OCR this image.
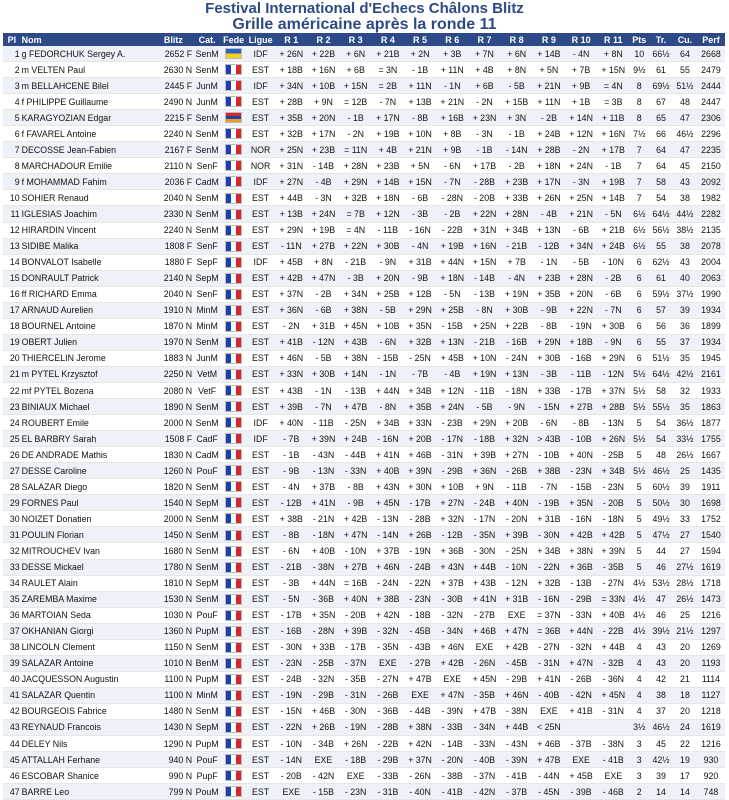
Festival International d'Echecs Châlons Blitz
Grille américaine après la ronde 11
Pl	Nom	Blitz	Cat.	Fede	Ligue	R 1	R 2	R 3	R 4	R 5	R 6	R 7	R 8	R 9	R 10	R 11	Pts	Tr.	Cu.	Perf
1	g FEDORCHUK Sergey A.	2652 F	SenM		IDF	+ 26N	+ 22B	+ 6N	+ 21B	+ 2N	+ 3B	+ 7N	+ 6N	+ 14B	- 4N	+ 8N	10	66½	64	2668
2	m VELTEN Paul	2630 N	SenM		EST	+ 18B	+ 16N	+ 6B	= 3N	- 1B	+ 11N	+ 4B	+ 8N	+ 5N	+ 7B	+ 15N	9½	61	55	2479
3	m BELLAHCENE Bilel	2445 F	JunM		IDF	+ 34N	+ 10B	+ 15N	= 2B	+ 11N	- 1N	+ 6B	- 5B	+ 21N	+ 9B	= 4N	8	69½	51½	2444
4	f PHILIPPE Guillaume	2490 N	JunM		EST	+ 28B	+ 9N	= 12B	- 7N	+ 13B	+ 21N	- 2N	+ 15B	+ 11N	+ 1B	= 3B	8	67	48	2447
5	KARAGYOZIAN Edgar	2215 F	SenM		EST	+ 35B	+ 20N	- 1B	+ 17N	- 8B	+ 16B	+ 23N	+ 3N	- 2B	+ 14N	+ 11B	8	65	47	2306
6	f FAVAREL Antoine	2240 N	SenM		EST	+ 32B	+ 17N	- 2N	+ 19B	+ 10N	+ 8B	- 3N	- 1B	+ 24B	+ 12N	+ 16N	7½	66	46½	2296
7	DECOSSE Jean-Fabien	2167 F	SenM		NOR	+ 25N	+ 23B	= 11N	+ 4B	+ 21N	+ 9B	- 1B	- 14N	+ 28B	- 2N	+ 17B	7	64	47	2235
8	MARCHADOUR Emilie	2110 N	SenF		NOR	+ 31N	- 14B	+ 28N	+ 23B	+ 5N	- 6N	+ 17B	- 2B	+ 18N	+ 24N	- 1B	7	64	45	2150
9	f MOHAMMAD Fahim	2036 F	CadM		IDF	+ 27N	- 4B	+ 29N	+ 14B	+ 15N	- 7N	- 28B	+ 23B	+ 17N	- 3N	+ 19B	7	58	43	2092
10	SOHIER Renaud	2040 N	SenM		EST	+ 44B	- 3N	+ 32B	+ 18N	- 6B	- 28N	- 20B	+ 33B	+ 26N	+ 25N	+ 14B	7	54	38	1982
11	IGLESIAS Joachim	2330 N	SenM		EST	+ 13B	+ 24N	= 7B	+ 12N	- 3B	- 2B	+ 22N	+ 28N	- 4B	+ 21N	- 5N	6½	64½	44½	2282
12	HIRARDIN Vincent	2240 N	SenM		EST	+ 29N	+ 19B	= 4N	- 11B	- 16N	- 22B	+ 31N	+ 34B	+ 13N	- 6B	+ 21B	6½	56½	38½	2135
13	SIDIBE Malika	1808 F	SenF		EST	- 11N	+ 27B	+ 22N	+ 30B	- 4N	+ 19B	+ 16N	- 21B	- 12B	+ 34N	+ 24B	6½	55	38	2078
14	BONVALOT Isabelle	1880 F	SepF		IDF	+ 45B	+ 8N	- 21B	- 9N	+ 31B	+ 44N	+ 15N	+ 7B	- 1N	- 5B	- 10N	6	62½	43	2004
15	DONRAULT Patrick	2140 N	SepM		EST	+ 42B	+ 47N	- 3B	+ 20N	- 9B	+ 18N	- 14B	- 4N	+ 23B	+ 28N	- 2B	6	61	40	2063
16	ff RICHARD Emma	2040 N	SenF		EST	+ 37N	- 2B	+ 34N	+ 25B	+ 12B	- 5N	- 13B	+ 19N	+ 35B	+ 20N	- 6B	6	59½	37½	1990
17	ARNAUD Aurelien	1910 N	MinM		EST	+ 36N	- 6B	+ 38N	- 5B	+ 29N	+ 25B	- 8N	+ 30B	- 9B	+ 22N	- 7N	6	57	39	1934
18	BOURNEL Antoine	1870 N	MinM		EST	- 2N	+ 31B	+ 45N	+ 10B	+ 35N	- 15B	+ 25N	+ 22B	- 8B	- 19N	+ 30B	6	56	36	1899
19	OBERT Julien	1970 N	SenM		EST	+ 41B	- 12N	+ 43B	- 6N	+ 32B	+ 13N	- 21B	- 16B	+ 29N	+ 18B	- 9N	6	55	37	1934
20	THIERCELIN Jerome	1883 N	JunM		EST	+ 46N	- 5B	+ 38N	- 15B	- 25N	+ 45B	+ 10N	- 24N	+ 30B	- 16B	+ 29N	6	51½	35	1945
21	m PYTEL Krzysztof	2250 N	VetM		EST	+ 33N	+ 30B	+ 14N	- 1N	- 7B	- 4B	+ 19N	+ 13N	- 3B	- 11B	- 12N	5½	64½	42½	2161
22	mf PYTEL Bozena	2080 N	VetF		EST	+ 43B	- 1N	- 13B	+ 44N	+ 34B	+ 12N	- 11B	- 18N	+ 33B	- 17B	+ 37N	5½	58	32	1933
23	BINIAUX Michael	1890 N	SenM		EST	+ 39B	- 7N	+ 47B	- 8N	+ 35B	+ 24N	- 5B	- 9N	- 15N	+ 27B	+ 28B	5½	55½	35	1863
24	ROUBERT Emile	2000 N	SenM		IDF	+ 40N	- 11B	- 25N	+ 34B	+ 33N	- 23B	+ 29N	+ 20B	- 6N	- 8B	- 13N	5	54	36½	1877
25	EL BARBRY Sarah	1508 F	CadF		IDF	- 7B	+ 39N	+ 24B	- 16N	+ 20B	- 17N	- 18B	+ 32N	> 43B	- 10B	+ 26N	5½	54	33½	1755
26	DE ANDRADE Mathis	1830 N	CadM		EST	- 1B	- 43N	- 44B	+ 41N	+ 46B	- 31N	+ 39B	+ 27N	- 10B	+ 40N	- 25B	5	48	26½	1667
27	DESSE Caroline	1260 N	PouF		EST	- 9B	- 13N	- 33N	+ 40B	+ 39N	- 29B	+ 36N	- 26B	+ 38B	- 23N	+ 34B	5½	46½	25	1435
28	SALAZAR Diego	1820 N	SenM		EST	- 4N	+ 37B	- 8B	+ 43N	+ 30N	+ 10B	+ 9N	- 11B	- 7N	- 15B	- 23N	5	60½	39	1911
29	FORNES Paul	1540 N	SepM		EST	- 12B	+ 41N	- 9B	+ 45N	- 17B	+ 27N	- 24B	+ 40N	- 19B	+ 35N	- 20B	5	50½	30	1698
30	NOIZET Donatien	2000 N	SenM		EST	+ 38B	- 21N	+ 42B	- 13N	- 28B	+ 32N	- 17N	- 20N	+ 31B	- 16N	- 18N	5	49½	33	1752
31	POULIN Florian	1450 N	SenM		EST	- 8B	- 18N	+ 47N	- 14N	+ 26B	- 12B	- 35N	+ 39B	- 30N	+ 42B	+ 42B	5	47½	27	1540
32	MITROUCHEV Ivan	1680 N	SenM		EST	- 6N	+ 40B	- 10N	+ 37B	- 19N	+ 36B	- 30N	- 25N	+ 34B	+ 38N	+ 39N	5	44	27	1594
33	DESSE Mickael	1780 N	SenM		EST	- 21B	- 38N	+ 27B	+ 46N	- 24B	+ 43N	+ 44B	- 10N	- 22N	+ 36B	- 35B	5	46	27½	1619
34	RAULET Alain	1810 N	SepM		EST	- 3B	+ 44N	= 16B	- 24N	- 22N	+ 37B	+ 43B	- 12N	+ 32B	- 13B	- 27N	4½	53½	28½	1718
35	ZAREMBA Maxime	1530 N	SenM		EST	- 5N	- 36B	+ 40N	+ 38B	- 23N	- 30B	+ 41N	+ 31B	- 16N	- 29B	= 33N	4½	47	26½	1473
36	MARTOIAN Seda	1030 N	PouF		EST	- 17B	+ 35N	- 20B	+ 42N	- 18B	- 32N	- 27B	EXE	= 37N	- 33N	+ 40B	4½	46	25	1216
37	OKHANIAN Giorgi	1360 N	PupM		EST	- 16B	- 28N	+ 39B	- 32N	- 45B	- 34N	+ 46B	+ 47N	= 36B	+ 44N	- 22B	4½	39½	21½	1297
38	LINCOLN Clement	1150 N	SenM		EST	- 30N	+ 33B	- 17B	- 35N	- 43B	+ 46N	EXE	+ 42B	- 27N	- 32N	+ 44B	4	43	20	1269
39	SALAZAR Antoine	1010 N	BenM		EST	- 23N	- 25B	- 37N	EXE	- 27B	+ 42B	- 26N	- 45B	- 31N	+ 47N	- 32B	4	43	20	1193
40	JACQUESSON Augustin	1100 N	PupM		EST	- 24B	- 32N	- 35B	- 27N	+ 47B	EXE	+ 45N	- 29B	+ 41N	- 26B	- 36N	4	42	21	1114
41	SALAZAR Quentin	1100 N	MinM		EST	- 19N	- 29B	- 31N	- 26B	EXE	+ 47N	- 35B	+ 46N	- 40B	- 42N	+ 45N	4	38	18	1127
42	BOURGEOIS Fabrice	1480 N	SenM		EST	- 15N	+ 46B	- 30N	- 36B	- 44B	- 39N	+ 47B	- 38N	EXE	+ 41B	- 31N	4	37	20	1218
43	REYNAUD Francois	1430 N	SepM		EST	- 22N	+ 26B	- 19N	- 28B	+ 38N	- 33B	- 34N	+ 44B	< 25N			3½	46½	24	1619
44	DELEY Nils	1290 N	PupM		EST	- 10N	- 34B	+ 26N	- 22B	+ 42N	- 14B	- 33N	- 43N	+ 46B	- 37B	- 38N	3	45	22	1216
45	ATTALLAH Ferhane	940 N	PouF		EST	- 14N	EXE	- 18B	- 29B	+ 37N	- 20N	- 40B	- 39N	+ 47B	EXE	- 41B	3	42½	19	930
46	ESCOBAR Shanice	990 N	PupF		EST	- 20B	- 42N	EXE	- 33B	- 26N	- 38B	- 37N	- 41B	- 44N	+ 45B	EXE	3	39	17	920
47	BARRE Leo	799 N	PouM		EST	EXE	- 15B	- 23N	- 31B	- 40N	- 41B	- 42N	- 37B	- 45N	- 39B	- 46B	2	14	14	748
